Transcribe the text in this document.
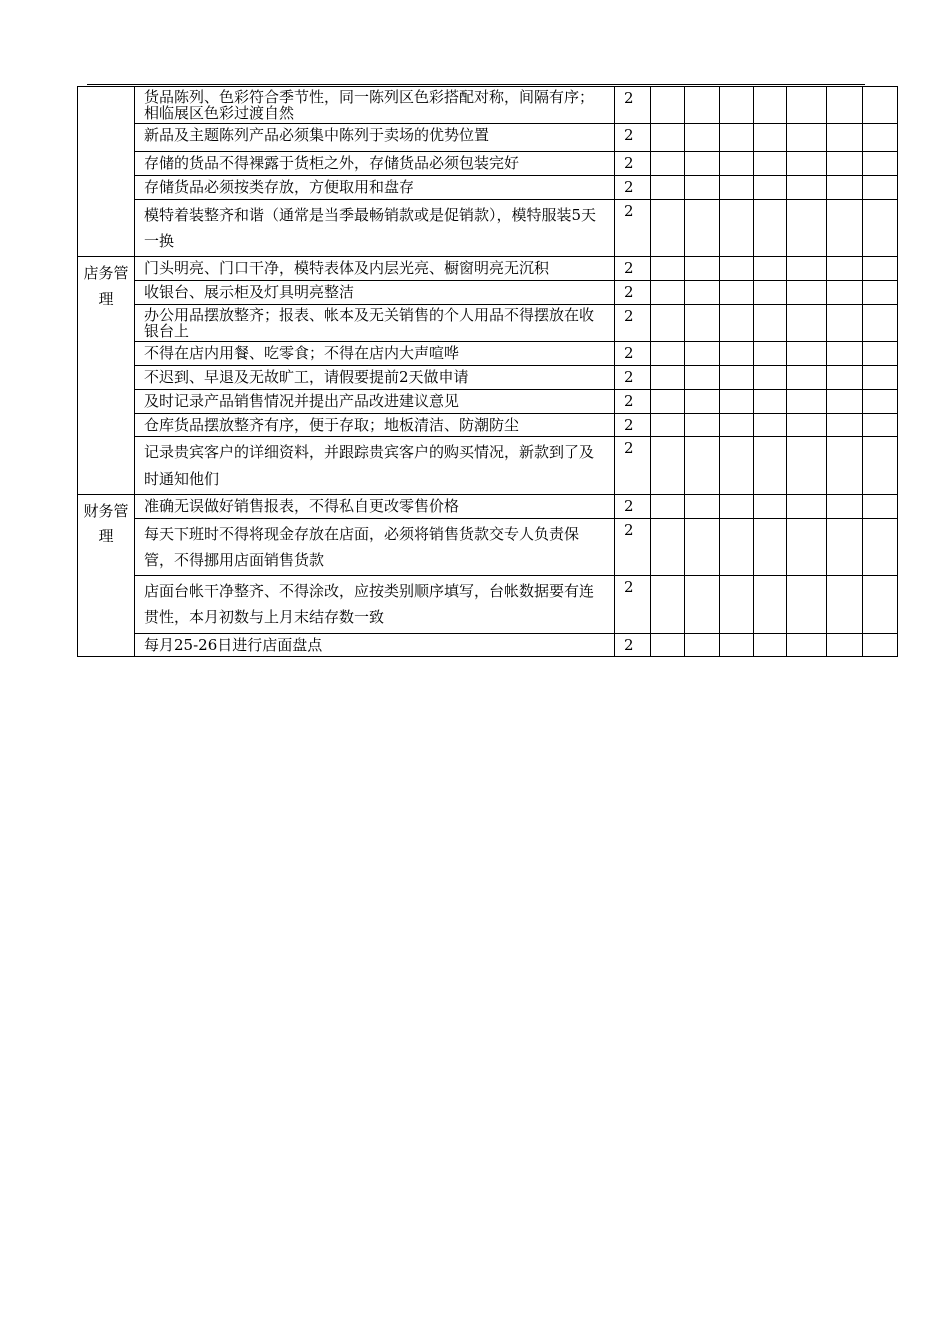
	货品陈列、色彩符合季节性，同一陈列区色彩搭配对称，间隔有序；相临展区色彩过渡自然	2							

	新品及主题陈列产品必须集中陈列于卖场的优势位置	2							

	存储的货品不得裸露于货柜之外，存储货品必须包装完好	2							

	存储货品必须按类存放，方便取用和盘存	2							

	模特着装整齐和谐（通常是当季最畅销款或是促销款），模特服装5天一换	2							
店务管理	门头明亮、门口干净，模特表体及内层光亮、橱窗明亮无沉积	2							

	收银台、展示柜及灯具明亮整洁	2							

	办公用品摆放整齐；报表、帐本及无关销售的个人用品不得摆放在收银台上	2							

	不得在店内用餐、吃零食；不得在店内大声喧哗	2							

	不迟到、早退及无故旷工，请假要提前2天做申请	2							

	及时记录产品销售情况并提出产品改进建议意见	2							

	仓库货品摆放整齐有序，便于存取；地板清洁、防潮防尘	2							

	记录贵宾客户的详细资料，并跟踪贵宾客户的购买情况，新款到了及时通知他们	2							
财务管理	准确无误做好销售报表，不得私自更改零售价格	2							

	每天下班时不得将现金存放在店面，必须将销售货款交专人负责保管，不得挪用店面销售货款	2							

	店面台帐干净整齐、不得涂改，应按类别顺序填写，台帐数据要有连贯性，本月初数与上月末结存数一致	2							

	每月25-26日进行店面盘点	2							
